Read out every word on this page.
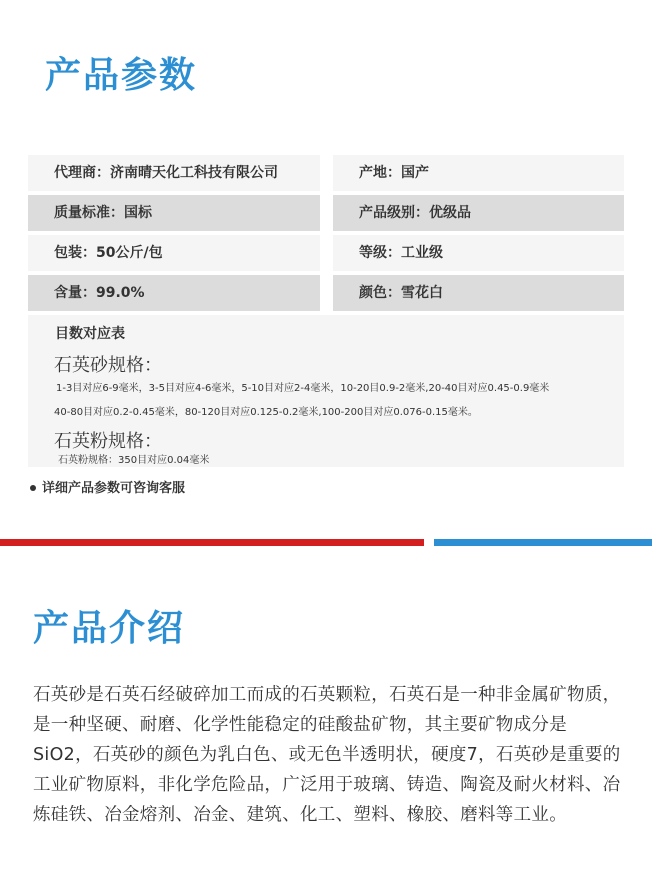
产品参数
代理商：济南晴天化工科技有限公司	产地：国产
质量标准：国标	产品级别：优级品
包装：50公斤/包	等级：工业级
含量：99.0%	颜色：雪花白
目数对应表
石英砂规格：
1-3目对应6-9毫米，3-5目对应4-6毫米，5-10目对应2-4毫米，10-20目0.9-2毫米,20-40目对应0.45-0.9毫米
40-80目对应0.2-0.45毫米，80-120目对应0.125-0.2毫米,100-200目对应0.076-0.15毫米。
石英粉规格：
石英粉规格：350目对应0.04毫米
详细产品参数可咨询客服
产品介绍
石英砂是石英石经破碎加工而成的石英颗粒，石英石是一种非金属矿物质，是一种坚硬、耐磨、化学性能稳定的硅酸盐矿物，其主要矿物成分是SiO2，石英砂的颜色为乳白色、或无色半透明状，硬度7，石英砂是重要的工业矿物原料，非化学危险品，广泛用于玻璃、铸造、陶瓷及耐火材料、冶炼硅铁、冶金熔剂、冶金、建筑、化工、塑料、橡胶、磨料等工业。
